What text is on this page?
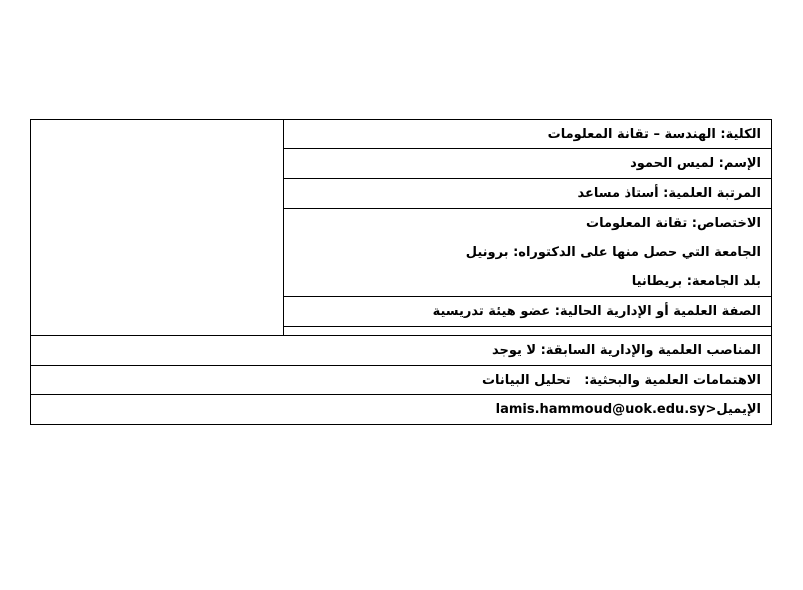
الكلية: الهندسة – تقانة المعلومات	
الإسم: لميس الحمود
المرتبة العلمية: أستاذ مساعد

الاختصاص: تقانة المعلومات
الجامعة التي حصل منها على الدكتوراه: برونيل
بلد الجامعة: بريطانيا

الصفة العلمية أو الإدارية الحالية: عضو هيئة تدريسية

المناصب العلمية والإدارية السابقة: لا يوجد
الاهتمامات العلمية والبحثية:   تحليل البيانات
الإيميلlamis.hammoud@uok.edu.sy>
